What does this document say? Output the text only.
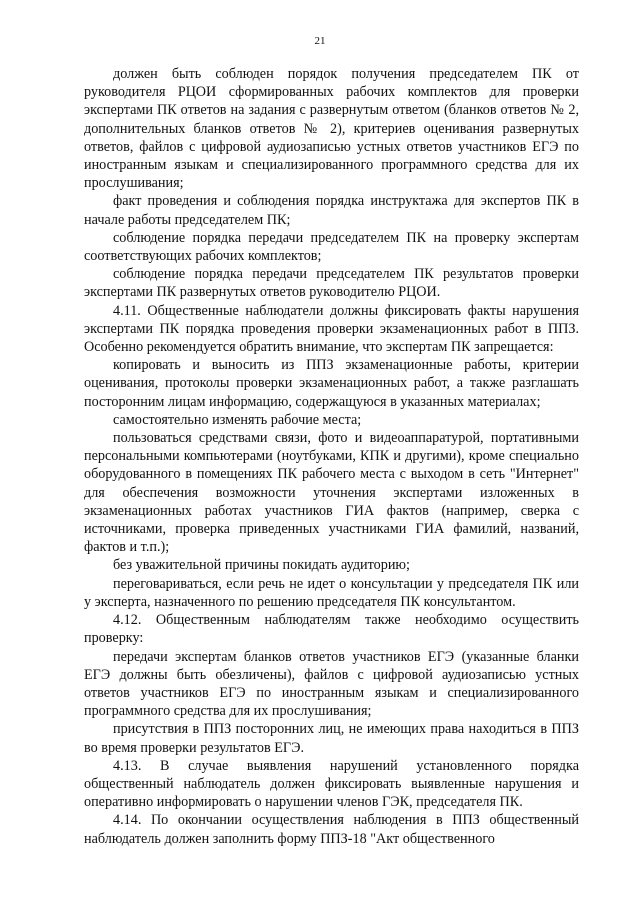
21

должен быть соблюден порядок получения председателем ПК от руководителя РЦОИ сформированных рабочих комплектов для проверки экспертами ПК ответов на задания с развернутым ответом (бланков ответов № 2, дополнительных бланков ответов № 2), критериев оценивания развернутых ответов, файлов с цифровой аудиозаписью устных ответов участников ЕГЭ по иностранным языкам и специализированного программного средства для их прослушивания;

факт проведения и соблюдения порядка инструктажа для экспертов ПК в начале работы председателем ПК;

соблюдение порядка передачи председателем ПК на проверку экспертам соответствующих рабочих комплектов;

соблюдение порядка передачи председателем ПК результатов проверки экспертами ПК развернутых ответов руководителю РЦОИ.

4.11. Общественные наблюдатели должны фиксировать факты нарушения экспертами ПК порядка проведения проверки экзаменационных работ в ППЗ. Особенно рекомендуется обратить внимание, что экспертам ПК запрещается:

копировать и выносить из ППЗ экзаменационные работы, критерии оценивания, протоколы проверки экзаменационных работ, а также разглашать посторонним лицам информацию, содержащуюся в указанных материалах;

самостоятельно изменять рабочие места;

пользоваться средствами связи, фото и видеоаппаратурой, портативными персональными компьютерами (ноутбуками, КПК и другими), кроме специально оборудованного в помещениях ПК рабочего места с выходом в сеть "Интернет" для обеспечения возможности уточнения экспертами изложенных в экзаменационных работах участников ГИА фактов (например, сверка с источниками, проверка приведенных участниками ГИА фамилий, названий, фактов и т.п.);

без уважительной причины покидать аудиторию;

переговариваться, если речь не идет о консультации у председателя ПК или у эксперта, назначенного по решению председателя ПК консультантом.

4.12. Общественным наблюдателям также необходимо осуществить проверку:

передачи экспертам бланков ответов участников ЕГЭ (указанные бланки ЕГЭ должны быть обезличены), файлов с цифровой аудиозаписью устных ответов участников ЕГЭ по иностранным языкам и специализированного программного средства для их прослушивания;

присутствия в ППЗ посторонних лиц, не имеющих права находиться в ППЗ во время проверки результатов ЕГЭ.

4.13. В случае выявления нарушений установленного порядка общественный наблюдатель должен фиксировать выявленные нарушения и оперативно информировать о нарушении членов ГЭК, председателя ПК.

4.14. По окончании осуществления наблюдения в ППЗ общественный наблюдатель должен заполнить форму ППЗ-18 "Акт общественного
